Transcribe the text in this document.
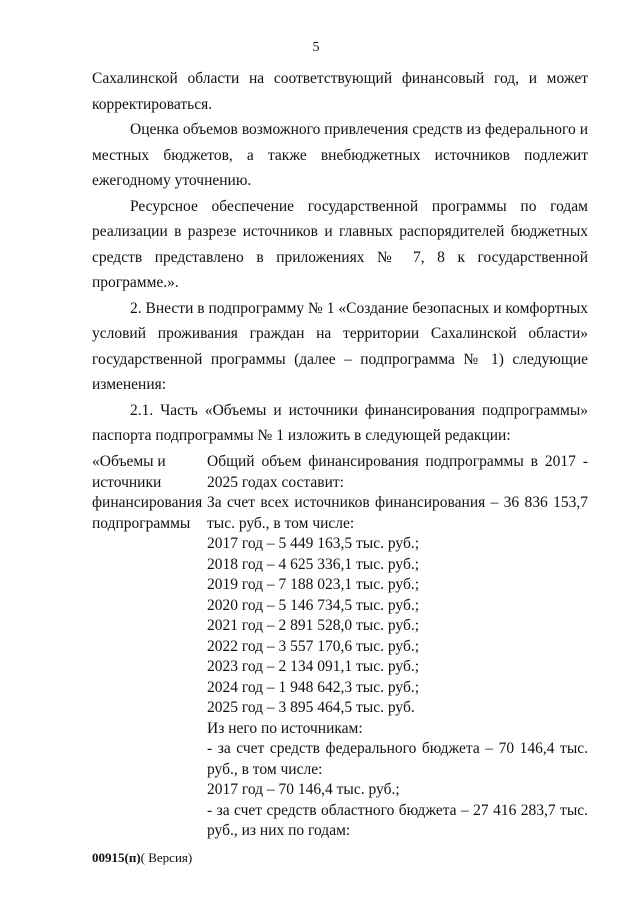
5

Сахалинской области на соответствующий финансовый год, и может корректироваться.

Оценка объемов возможного привлечения средств из федерального и местных бюджетов, а также внебюджетных источников подлежит ежегодному уточнению.

Ресурсное обеспечение государственной программы по годам реализации в разрезе источников и главных распорядителей бюджетных средств представлено в приложениях № 7, 8 к государственной программе.».

2. Внести в подпрограмму № 1 «Создание безопасных и комфортных условий проживания граждан на территории Сахалинской области» государственной программы (далее – подпрограмма № 1) следующие изменения:

2.1. Часть «Объемы и источники финансирования подпрограммы» паспорта подпрограммы № 1 изложить в следующей редакции:

«Объемы и источники финансирования подпрограммы
Общий объем финансирования подпрограммы в 2017 - 2025 годах составит:
За счет всех источников финансирования – 36 836 153,7 тыс. руб., в том числе:
2017 год – 5 449 163,5 тыс. руб.;
2018 год – 4 625 336,1 тыс. руб.;
2019 год – 7 188 023,1 тыс. руб.;
2020 год – 5 146 734,5 тыс. руб.;
2021 год – 2 891 528,0 тыс. руб.;
2022 год – 3 557 170,6 тыс. руб.;
2023 год – 2 134 091,1 тыс. руб.;
2024 год – 1 948 642,3 тыс. руб.;
2025 год – 3 895 464,5 тыс. руб.
Из него по источникам:
- за счет средств федерального бюджета – 70 146,4 тыс. руб., в том числе:
2017 год – 70 146,4 тыс. руб.;
- за счет средств областного бюджета – 27 416 283,7 тыс. руб., из них по годам:
00915(п)( Версия)
